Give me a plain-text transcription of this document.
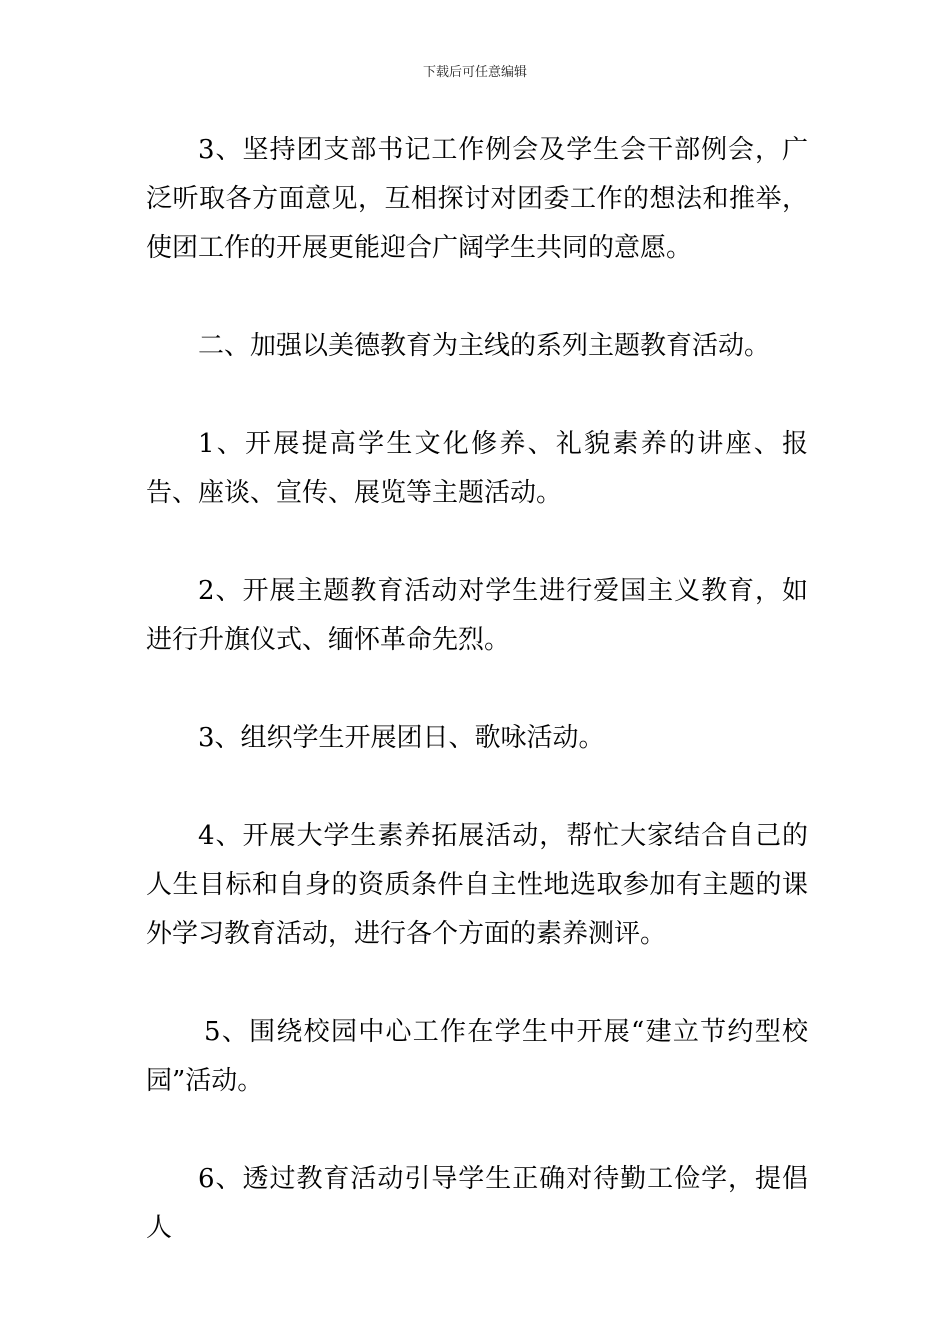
下载后可任意编辑

3、坚持团支部书记工作例会及学生会干部例会，广泛听取各方面意见，互相探讨对团委工作的想法和推举，使团工作的开展更能迎合广阔学生共同的意愿。

二、加强以美德教育为主线的系列主题教育活动。

1、开展提高学生文化修养、礼貌素养的讲座、报告、座谈、宣传、展览等主题活动。

2、开展主题教育活动对学生进行爱国主义教育，如进行升旗仪式、缅怀革命先烈。

3、组织学生开展团日、歌咏活动。

4、开展大学生素养拓展活动，帮忙大家结合自己的人生目标和自身的资质条件自主性地选取参加有主题的课外学习教育活动，进行各个方面的素养测评。

5、围绕校园中心工作在学生中开展“建立节约型校园”活动。

6、透过教育活动引导学生正确对待勤工俭学，提倡人
